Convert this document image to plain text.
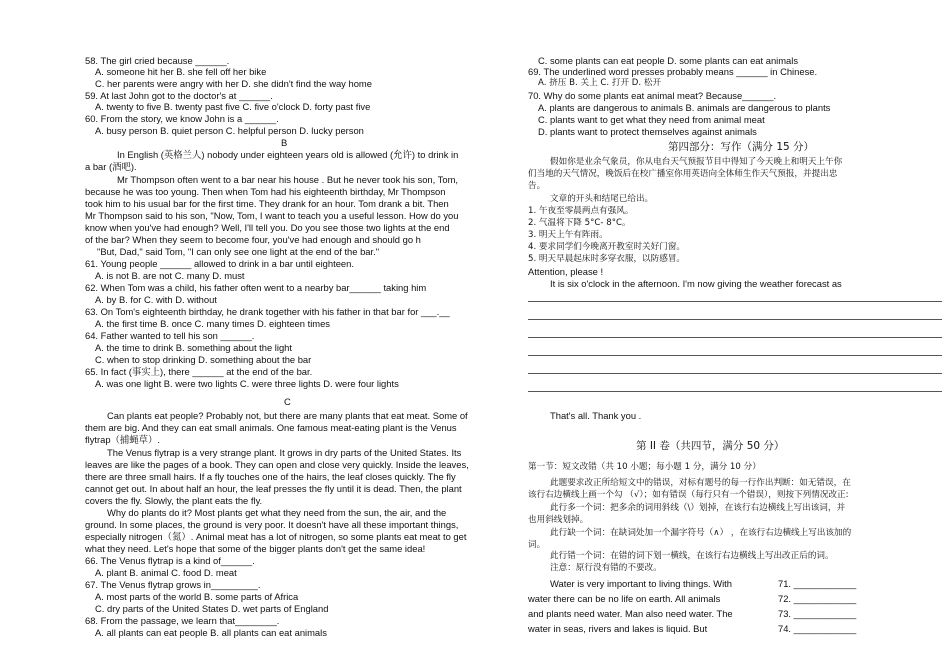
58. The girl cried because ______.
A. someone hit her B. she fell off her bike
C. her parents were angry with her D. she didn't find the way home
59. At last John got to the doctor's at ______.
A. twenty to five B. twenty past five C. five o'clock D. forty past five
60. From the story, we know John is a ______.
A. busy person B. quiet person C. helpful person D. lucky person
B
In English (英格兰人) nobody under eighteen years old is allowed (允许) to drink in
a bar (酒吧).
Mr Thompson often went to a bar near his house . But he never took his son, Tom,
because he was too young. Then when Tom had his eighteenth birthday, Mr Thompson
took him to his usual bar for the first time. They drank for an hour. Tom drank a bit. Then
Mr Thompson said to his son, "Now, Tom, I want to teach you a useful lesson. How do you
know when you've had enough? Well, I'll tell you. Do you see those two lights at the end
of the bar? When they seem to become four, you've had enough and should go h
"But, Dad," said Tom, "I can only see one light at the end of the bar."
61. Young people ______ allowed to drink in a bar until eighteen.
A. is not B. are not C. many D. must
62. When Tom was a child, his father often went to a nearby bar______ taking him
A. by B. for C. with D. without
63. On Tom's eighteenth birthday, he drank together with his father in that bar for ___.__
A. the first time B. once C. many times D. eighteen times
64. Father wanted to tell his son ______.
A. the time to drink B. something about the light
C. when to stop drinking D. something about the bar
65. In fact (事实上), there ______ at the end of the bar.
A. was one light B. were two lights C. were three lights D. were four lights
C
Can plants eat people? Probably not, but there are many plants that eat meat. Some of
them are big. And they can eat small animals. One famous meat-eating plant is the Venus
flytrap（捕蝇草）.
The Venus flytrap is a very strange plant. It grows in dry parts of the United States. Its
leaves are like the pages of a book. They can open and close very quickly. Inside the leaves,
there are three small hairs. If a fly touches one of the hairs, the leaf closes quickly. The fly
cannot get out. In about half an hour, the leaf presses the fly until it is dead. Then, the plant
covers the fly. Slowly, the plant eats the fly.
Why do plants do it? Most plants get what they need from the sun, the air, and the
ground. In some places, the ground is very poor. It doesn't have all these important things,
especially nitrogen（氮）. Animal meat has a lot of nitrogen, so some plants eat meat to get
what they need. Let's hope that some of the bigger plants don't get the same idea!
66. The Venus flytrap is a kind of______.
A. plant B. animal C. food D. meat
67. The Venus flytrap grows in_________.
A. most parts of the world B. some parts of Africa
C. dry parts of the United States D. wet parts of England
68. From the passage, we learn that________.
A. all plants can eat people B. all plants can eat animals
C. some plants can eat people D. some plants can eat animals
69. The underlined word presses probably means ______ in Chinese.
A. 挤压 B. 关上 C. 打开 D. 松开
70. Why do some plants eat animal meat? Because______.
A. plants are dangerous to animals B. animals are dangerous to plants
C. plants want to get what they need from animal meat
D. plants want to protect themselves against animals
第四部分：写作（满分 15 分）
假如你是业余气象员，你从电台天气预报节目中得知了今天晚上和明天上午你
们当地的天气情况，晚饭后在校广播室你用英语向全体师生作天气预报，并提出忠
告。
文章的开头和结尾已给出。
1. 午夜至零晨两点有强风。
2. 气温将下降 5°C- 8°C。
3. 明天上午有阵雨。
4. 要求同学们今晚离开教室时关好门窗。
5. 明天早晨起床时多穿衣服，以防感冒。
Attention, please !
It is six o'clock in the afternoon. I'm now giving the weather forecast as
That's all. Thank you .
第 II 卷（共四节，满分 50 分）
第一节：短文改错（共 10 小题；每小题 1 分，满分 10 分）
此题要求改正所给短文中的错误，对标有题号的每一行作出判断：如无错误，在
该行右边横线上画一个勾 （√）；如有错误（每行只有一个错误），则按下列情况改正:
此行多一个词：把多余的词用斜线（\）划掉，在该行右边横线上写出该词，并
也用斜线划掉。
此行缺一个词：在缺词处加一个漏字符号（∧） ，在该行右边横线上写出该加的
词。
此行错一个词：在错的词下划一横线，在该行右边横线上写出改正后的词。
注意：原行没有错的不要改。
Water is very important to living things. With
water there can be no life on earth. All animals
and plants need water. Man also need water. The
water in seas, rivers and lakes is liquid. But
71. ____________
72. ____________
73. ____________
74. ____________
